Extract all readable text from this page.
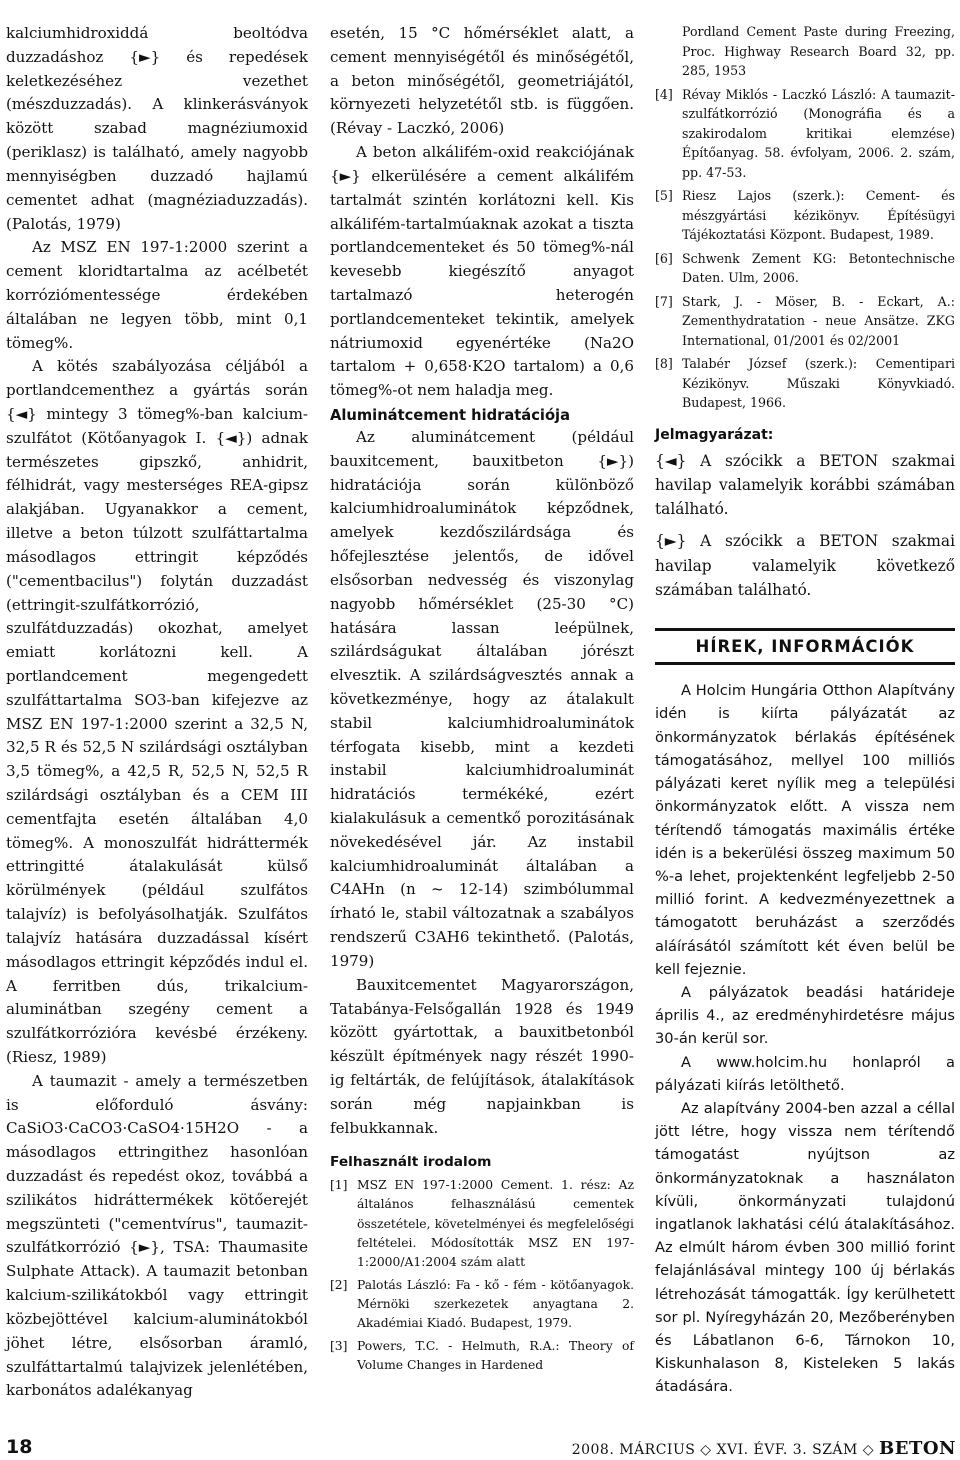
kalciumhidroxiddá beoltódva duzzadáshoz {►} és repedések keletkezéséhez vezethet (mészduzzadás). A klinkerásványok között szabad magnéziumoxid (periklasz) is található, amely nagyobb mennyiségben duzzadó hajlamú cementet adhat (magnéziaduzzadás). (Palotás, 1979)

Az MSZ EN 197-1:2000 szerint a cement kloridtartalma az acélbetét korróziómentessége érdekében általában ne legyen több, mint 0,1 tömeg%.

A kötés szabályozása céljából a portlandcementhez a gyártás során {◄} mintegy 3 tömeg%-ban kalcium-szulfátot (Kötőanyagok I. {◄}) adnak természetes gipszkő, anhidrit, félhidrát, vagy mesterséges REA-gipsz alakjában. Ugyanakkor a cement, illetve a beton túlzott szulfáttartalma másodlagos ettringit képződés ("cementbacilus") folytán duzzadást (ettringit-szulfátkorrózió, szulfátduzzadás) okozhat, amelyet emiatt korlátozni kell. A portlandcement megengedett szulfáttartalma SO3-ban kifejezve az MSZ EN 197-1:2000 szerint a 32,5 N, 32,5 R és 52,5 N szilárdsági osztályban 3,5 tömeg%, a 42,5 R, 52,5 N, 52,5 R szilárdsági osztályban és a CEM III cementfajta esetén általában 4,0 tömeg%. A monoszulfát hidráttermék ettringitté átalakulását külső körülmények (például szulfátos talajvíz) is befolyásolhatják. Szulfátos talajvíz hatására duzzadással kísért másodlagos ettringit képződés indul el. A ferritben dús, trikalcium-aluminátban szegény cement a szulfátkorrózióra kevésbé érzékeny. (Riesz, 1989)

A taumazit - amely a természetben is előforduló ásvány: CaSiO3·CaCO3·CaSO4·15H2O - a másodlagos ettringithez hasonlóan duzzadást és repedést okoz, továbbá a szilikátos hidráttermékek kötőerejét megszünteti ("cementvírus", taumazit-szulfátkorrózió {►}, TSA: Thaumasite Sulphate Attack). A taumazit betonban kalcium-szilikátokból vagy ettringit közbejöttével kalcium-aluminátokból jöhet létre, elsősorban áramló, szulfáttartalmú talajvizek jelenlétében, karbonátos adalékanyag

esetén, 15 °C hőmérséklet alatt, a cement mennyiségétől és minőségétől, a beton minőségétől, geometriájától, környezeti helyzetétől stb. is függően. (Révay - Laczkó, 2006)

A beton alkálifém-oxid reakciójának {►} elkerülésére a cement alkálifém tartalmát szintén korlátozni kell. Kis alkálifém-tartalmúaknak azokat a tiszta portlandcementeket és 50 tömeg%-nál kevesebb kiegészítő anyagot tartalmazó heterogén portlandcementeket tekintik, amelyek nátriumoxid egyenértéke (Na2O tartalom + 0,658·K2O tartalom) a 0,6 tömeg%-ot nem haladja meg.

Aluminátcement hidratációja

Az aluminátcement (például bauxitcement, bauxitbeton {►}) hidratációja során különböző kalciumhidroaluminátok képződnek, amelyek kezdőszilárdsága és hőfejlesztése jelentős, de idővel elsősorban nedvesség és viszonylag nagyobb hőmérséklet (25-30 °C) hatására lassan leépülnek, szilárdságukat általában jórészt elvesztik. A szilárdságvesztés annak a következménye, hogy az átalakult stabil kalciumhidroaluminátok térfogata kisebb, mint a kezdeti instabil kalciumhidroaluminát hidratációs termékéké, ezért kialakulásuk a cementkő porozitásának növekedésével jár. Az instabil kalciumhidroaluminát általában a C4AHn (n ~ 12-14) szimbólummal írható le, stabil változatnak a szabályos rendszerű C3AH6 tekinthető. (Palotás, 1979)

Bauxitcementet Magyarországon, Tatabánya-Felsőgallán 1928 és 1949 között gyártottak, a bauxitbetonból készült építmények nagy részét 1990-ig feltárták, de felújítások, átalakítások során még napjainkban is felbukkannak.

Felhasznált irodalom
[1] MSZ EN 197-1:2000 Cement. 1. rész: Az általános felhasználású cementek összetétele, követelményei és megfelelőségi feltételei. Módosították MSZ EN 197-1:2000/A1:2004 szám alatt
[2] Palotás László: Fa - kő - fém - kötőanyagok. Mérnöki szerkezetek anyagtana 2. Akadémiai Kiadó. Budapest, 1979.
[3] Powers, T.C. - Helmuth, R.A.: Theory of Volume Changes in Hardened
Pordland Cement Paste during Freezing, Proc. Highway Research Board 32, pp. 285, 1953
[4] Révay Miklós - Laczkó László: A taumazit-szulfátkorrózió (Monográfia és a szakirodalom kritikai elemzése) Építőanyag. 58. évfolyam, 2006. 2. szám, pp. 47-53.
[5] Riesz Lajos (szerk.): Cement- és mészgyártási kézikönyv. Építésügyi Tájékoztatási Központ. Budapest, 1989.
[6] Schwenk Zement KG: Betontechnische Daten. Ulm, 2006.
[7] Stark, J. - Möser, B. - Eckart, A.: Zementhydratation - neue Ansätze. ZKG International, 01/2001 és 02/2001
[8] Talabér József (szerk.): Cementipari Kézikönyv. Műszaki Könyvkiadó. Budapest, 1966.
Jelmagyarázat:
{◄} A szócikk a BETON szakmai havilap valamelyik korábbi számában található.
{►} A szócikk a BETON szakmai havilap valamelyik következő számában található.
HÍREK, INFORMÁCIÓK

A Holcim Hungária Otthon Alapítvány idén is kiírta pályázatát az önkormányzatok bérlakás építésének támogatásához, mellyel 100 milliós pályázati keret nyílik meg a települési önkormányzatok előtt. A vissza nem térítendő támogatás maximális értéke idén is a bekerülési összeg maximum 50 %-a lehet, projektenként legfeljebb 2-50 millió forint. A kedvezményezettnek a támogatott beruházást a szerződés aláírásától számított két éven belül be kell fejeznie.

A pályázatok beadási határideje április 4., az eredményhirdetésre május 30-án kerül sor.

A www.holcim.hu honlapról a pályázati kiírás letölthető.

Az alapítvány 2004-ben azzal a céllal jött létre, hogy vissza nem térítendő támogatást nyújtson az önkormányzatoknak a használaton kívüli, önkormányzati tulajdonú ingatlanok lakhatási célú átalakításához. Az elmúlt három évben 300 millió forint felajánlásával mintegy 100 új bérlakás létrehozását támogatták. Így kerülhetett sor pl. Nyíregyházán 20, Mezőberényben és Lábatlanon 6-6, Tárnokon 10, Kiskunhalason 8, Kisteleken 5 lakás átadására.

18	2008. MÁRCIUS ◇ XVI. ÉVF. 3. SZÁM ◇ BETON
